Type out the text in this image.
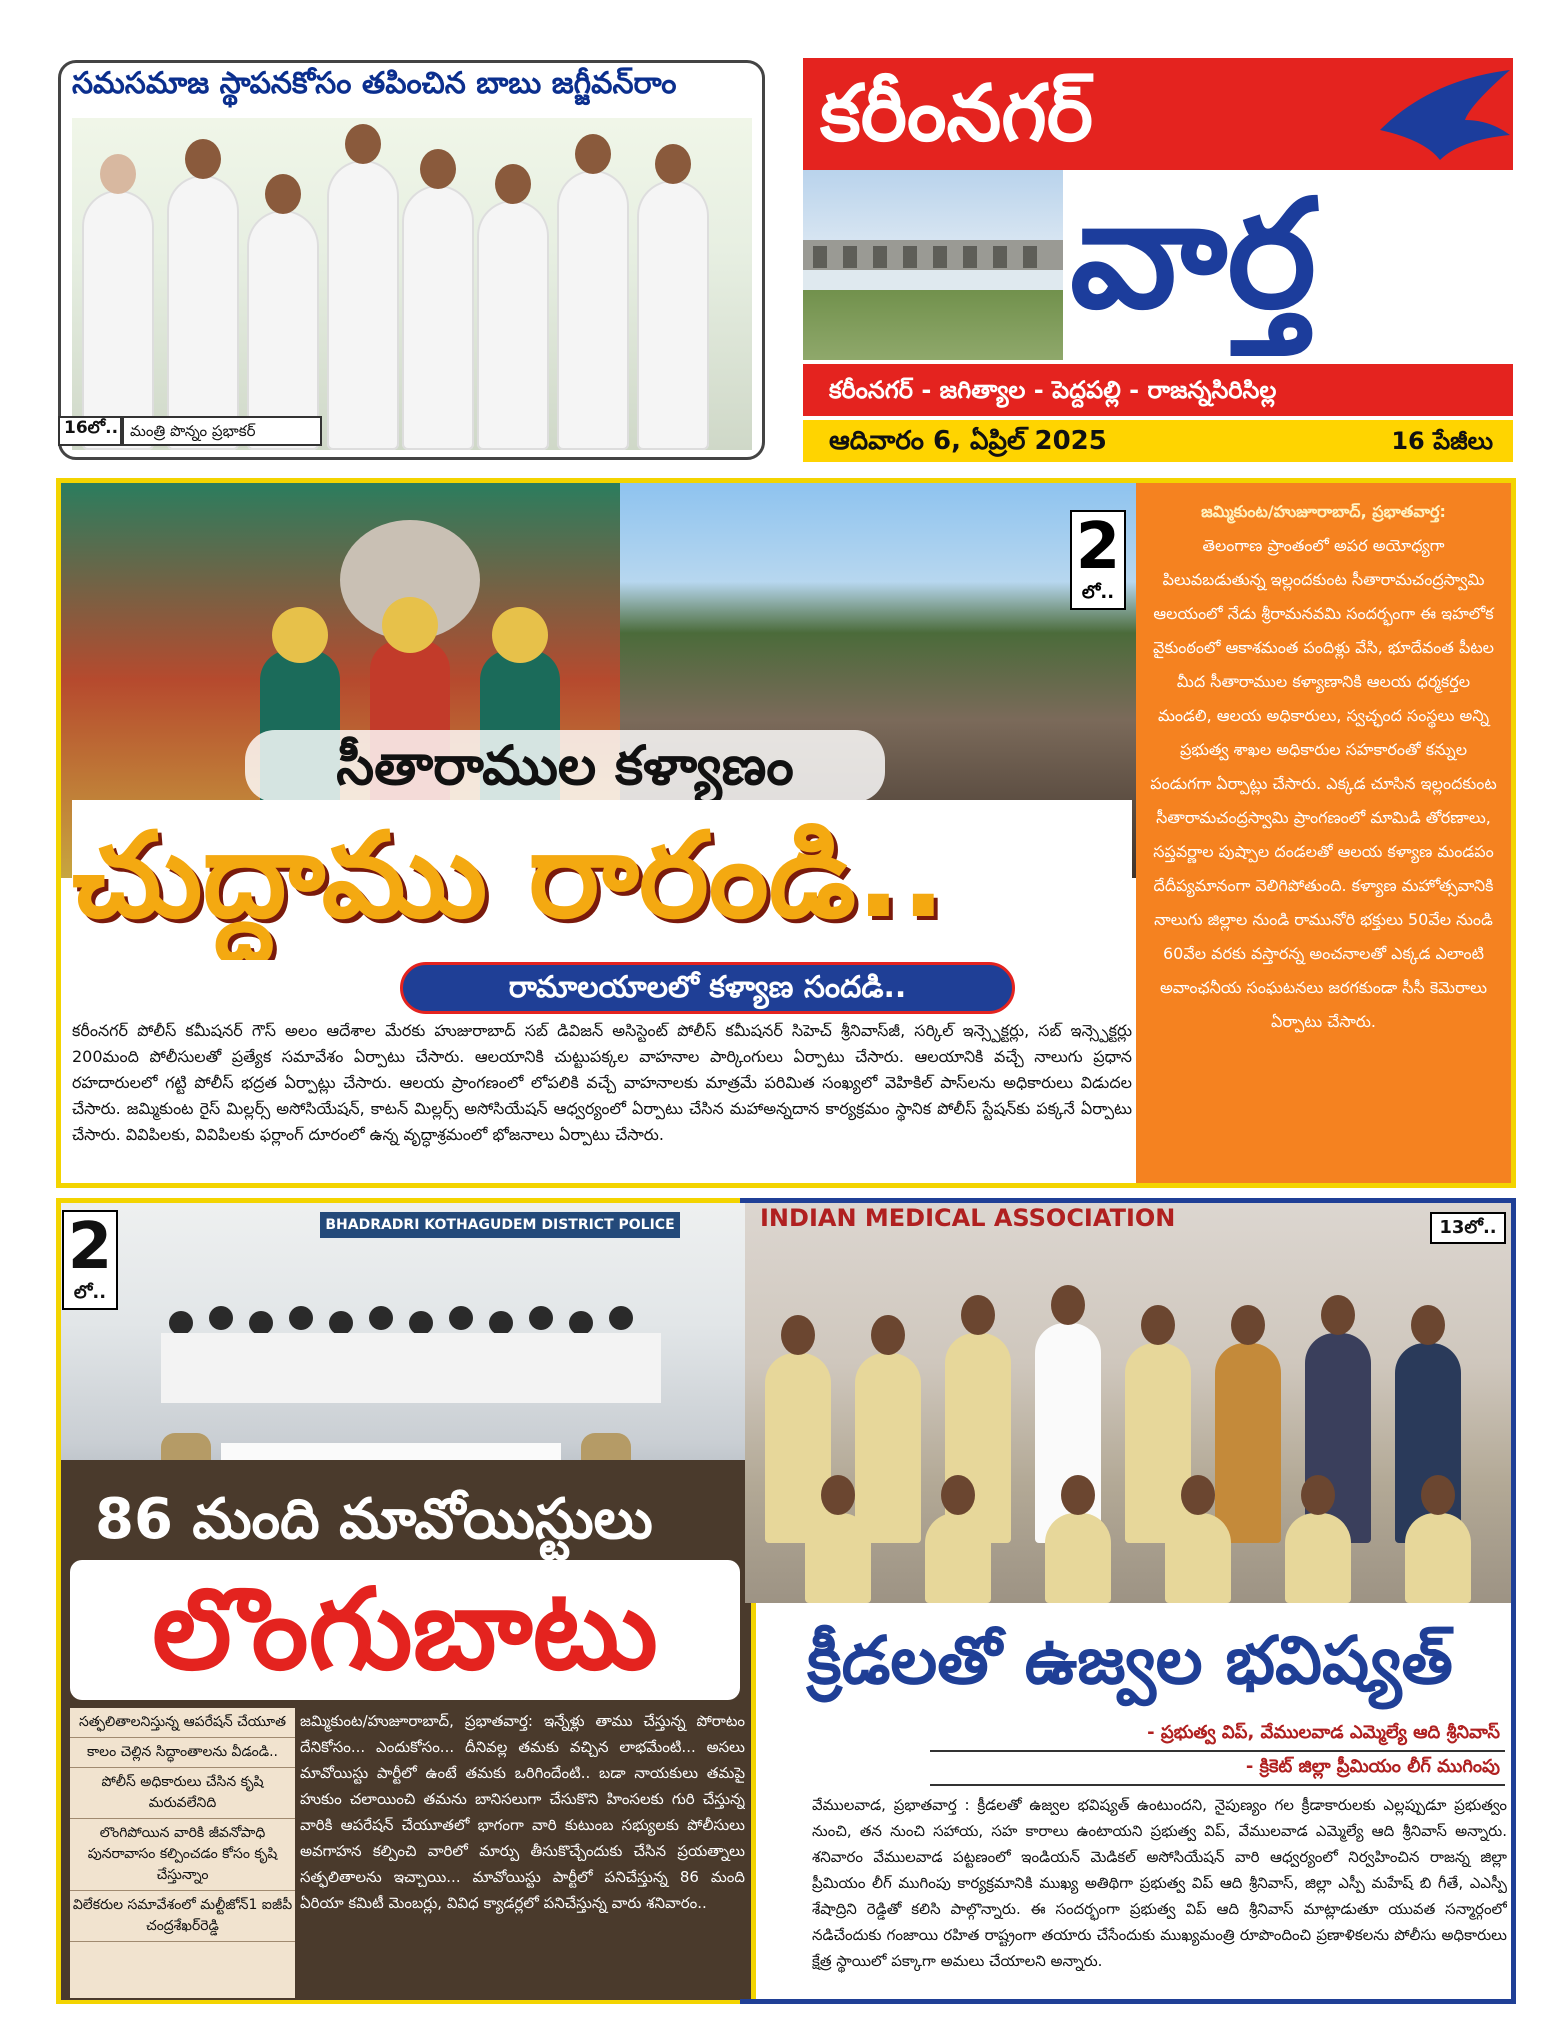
సమసమాజ స్థాపనకోసం తపించిన బాబు జగ్జీవన్‌రాం
16లో.. మంత్రి పొన్నం ప్రభాకర్
కరీంనగర్
వార్త
కరీంనగర్ - జగిత్యాల - పెద్దపల్లి - రాజన్నసిరిసిల్ల
ఆదివారం 6, ఏప్రిల్ 2025	16 పేజీలు
2
లో..
సీతారాముల కళ్యాణం
చుద్దాము రారండి..
రామాలయాలలో కళ్యాణ సందడి..
కరీంనగర్ పోలీస్ కమీషనర్ గౌస్ అలం ఆదేశాల మేరకు హుజురాబాద్ సబ్ డివిజన్ అసిస్టెంట్ పోలీస్ కమీషనర్ సిహెచ్ శ్రీనివాస్‌జీ, సర్కిల్ ఇన్స్పెక్టర్లు, సబ్ ఇన్స్పెక్టర్లు 200మంది పోలీసులతో ప్రత్యేక సమావేశం ఏర్పాటు చేసారు. ఆలయానికి చుట్టుపక్కల వాహనాల పార్కింగులు ఏర్పాటు చేసారు. ఆలయానికి వచ్చే నాలుగు ప్రధాన రహదారులలో గట్టి పోలీస్ భద్రత ఏర్పాట్లు చేసారు. ఆలయ ప్రాంగణంలో లోపలికి వచ్చే వాహనాలకు మాత్రమే పరిమిత సంఖ్యలో వెహికిల్ పాస్‌లను అధికారులు విడుదల చేసారు. జమ్మికుంట రైస్ మిల్లర్స్ అసోసియేషన్, కాటన్ మిల్లర్స్ అసోసియేషన్ ఆధ్వర్యంలో ఏర్పాటు చేసిన మహాఅన్నదాన కార్యక్రమం స్థానిక పోలీస్ స్టేషన్‌కు పక్కనే ఏర్పాటు చేసారు. వివిపిలకు, వివిపిలకు ఫర్లాంగ్ దూరంలో ఉన్న వృద్ధాశ్రమంలో భోజనాలు ఏర్పాటు చేసారు.
జమ్మికుంట/హుజూరాబాద్, ప్రభాతవార్త:
తెలంగాణ ప్రాంతంలో అపర అయోధ్యగా పిలువబడుతున్న ఇల్లందకుంట సీతారామచంద్రస్వామి ఆలయంలో నేడు శ్రీరామనవమి సందర్భంగా ఈ ఇహలోక వైకుంఠంలో ఆకాశమంత పందిళ్లు వేసి, భూదేవంత పీటల మీద సీతారాముల కళ్యాణానికి ఆలయ ధర్మకర్తల మండలి, ఆలయ అధికారులు, స్వచ్ఛంద సంస్థలు అన్ని ప్రభుత్వ శాఖల అధికారుల సహకారంతో కన్నుల పండుగగా ఏర్పాట్లు చేసారు. ఎక్కడ చూసిన ఇల్లందకుంట సీతారామచంద్రస్వామి ప్రాంగణంలో మామిడి తోరణాలు, సప్తవర్ణాల పుష్పాల దండలతో ఆలయ కళ్యాణ మండపం దేదీప్యమానంగా వెలిగిపోతుంది. కళ్యాణ మహోత్సవానికి నాలుగు జిల్లాల నుండి రామునోరి భక్తులు 50వేల నుండి 60వేల వరకు వస్తారన్న అంచనాలతో ఎక్కడ ఎలాంటి అవాంఛనీయ సంఘటనలు జరగకుండా సీసీ కెమెరాలు ఏర్పాటు చేసారు.
BHADRADRI KOTHAGUDEM DISTRICT POLICE
2
లో..
86 మంది మావోయిస్టులు
లొంగుబాటు
సత్ఫలితాలనిస్తున్న ఆపరేషన్ చేయూత
కాలం చెల్లిన సిద్ధాంతాలను వీడండి..
పోలీస్ అధికారులు చేసిన కృషి మరువలేనిది
లొంగిపోయిన వారికి జీవనోపాధి పునరావాసం కల్పించడం కోసం కృషి చేస్తున్నాం
విలేకరుల సమావేశంలో మల్టీజోన్1 ఐజీపీ చంద్రశేఖర్‌రెడ్డి
జమ్మికుంట/హుజూరాబాద్, ప్రభాతవార్త: ఇన్నేళ్లు తాము చేస్తున్న పోరాటం దేనికోసం... ఎందుకోసం... దీనివల్ల తమకు వచ్చిన లాభమేంటి... అసలు మావోయిస్టు పార్టీలో ఉంటే తమకు ఒరిగిందేంటి.. బడా నాయకులు తమపై హుకుం చలాయించి తమను బానిసలుగా చేసుకొని హింసలకు గురి చేస్తున్న వారికి ఆపరేషన్ చేయూతలో భాగంగా వారి కుటుంబ సభ్యులకు పోలీసులు అవగాహన కల్పించి వారిలో మార్పు తీసుకొచ్చేందుకు చేసిన ప్రయత్నాలు సత్ఫలితాలను ఇచ్చాయి... మావోయిస్టు పార్టీలో పనిచేస్తున్న 86 మంది ఏరియా కమిటీ మెంబర్లు, వివిధ క్యాడర్లలో పనిచేస్తున్న వారు శనివారం..
INDIAN MEDICAL ASSOCIATION	13లో..
క్రీడలతో ఉజ్వల భవిష్యత్
- ప్రభుత్వ విప్, వేములవాడ ఎమ్మెల్యే ఆది శ్రీనివాస్
- క్రికెట్ జిల్లా ప్రీమియం లీగ్ ముగింపు
వేములవాడ, ప్రభాతవార్త : క్రీడలతో ఉజ్వల భవిష్యత్ ఉంటుందని, నైపుణ్యం గల క్రీడాకారులకు ఎల్లప్పుడూ ప్రభుత్వం నుంచి, తన నుంచి సహాయ, సహ కారాలు ఉంటాయని ప్రభుత్వ విప్, వేములవాడ ఎమ్మెల్యే ఆది శ్రీనివాస్ అన్నారు. శనివారం వేములవాడ పట్టణంలో ఇండియన్ మెడికల్ అసోసియేషన్ వారి ఆధ్వర్యంలో నిర్వహించిన రాజన్న జిల్లా ప్రీమియం లీగ్ ముగింపు కార్యక్రమానికి ముఖ్య అతిథిగా ప్రభుత్వ విప్ ఆది శ్రీనివాస్, జిల్లా ఎస్పీ మహేష్ బి గీతే, ఎఎస్పీ శేషాద్రిని రెడ్డితో కలిసి పాల్గొన్నారు. ఈ సందర్భంగా ప్రభుత్వ విప్ ఆది శ్రీనివాస్ మాట్లాడుతూ యువత సన్మార్గంలో నడిచేందుకు గంజాయి రహిత రాష్ట్రంగా తయారు చేసేందుకు ముఖ్యమంత్రి రూపొందించి ప్రణాళికలను పోలీసు అధికారులు క్షేత్ర స్థాయిలో పక్కాగా అమలు చేయాలని అన్నారు.
